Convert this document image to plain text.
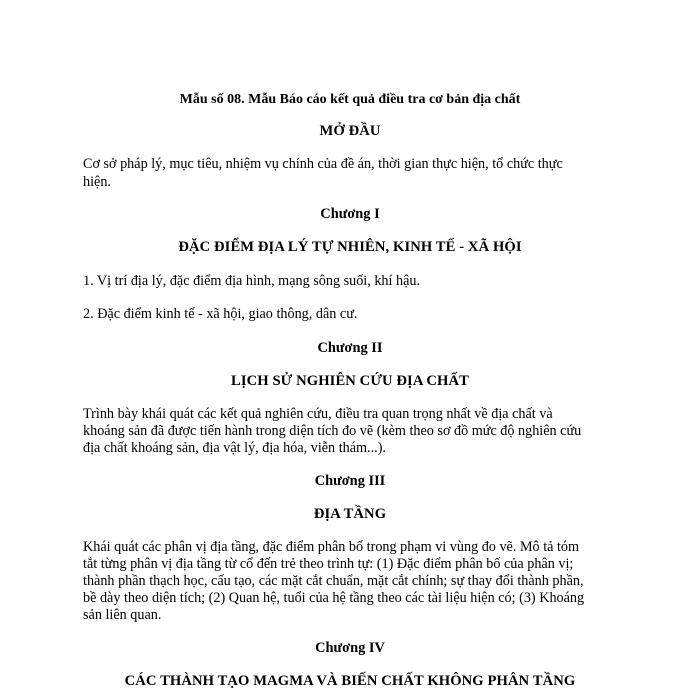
Mẫu số 08. Mẫu Báo cáo kết quả điều tra cơ bản địa chất
MỞ ĐẦU
Cơ sở pháp lý, mục tiêu, nhiệm vụ chính của đề án, thời gian thực hiện, tổ chức thực
hiện.
Chương I
ĐẶC ĐIỂM ĐỊA LÝ TỰ NHIÊN, KINH TẾ - XÃ HỘI
1. Vị trí địa lý, đặc điểm địa hình, mạng sông suối, khí hậu.
2. Đặc điểm kinh tế - xã hội, giao thông, dân cư.
Chương II
LỊCH SỬ NGHIÊN CỨU ĐỊA CHẤT
Trình bày khái quát các kết quả nghiên cứu, điều tra quan trọng nhất về địa chất và
khoáng sản đã được tiến hành trong diện tích đo vẽ (kèm theo sơ đồ mức độ nghiên cứu
địa chất khoáng sản, địa vật lý, địa hóa, viễn thám...).
Chương III
ĐỊA TẦNG
Khái quát các phân vị địa tầng, đặc điểm phân bố trong phạm vi vùng đo vẽ. Mô tả tóm
tắt từng phân vị địa tầng từ cổ đến trẻ theo trình tự: (1) Đặc điểm phân bố của phân vị;
thành phần thạch học, cấu tạo, các mặt cắt chuẩn, mặt cắt chính; sự thay đổi thành phần,
bề dày theo diện tích; (2) Quan hệ, tuổi của hệ tầng theo các tài liệu hiện có; (3) Khoáng
sản liên quan.
Chương IV
CÁC THÀNH TẠO MAGMA VÀ BIẾN CHẤT KHÔNG PHÂN TẦNG
